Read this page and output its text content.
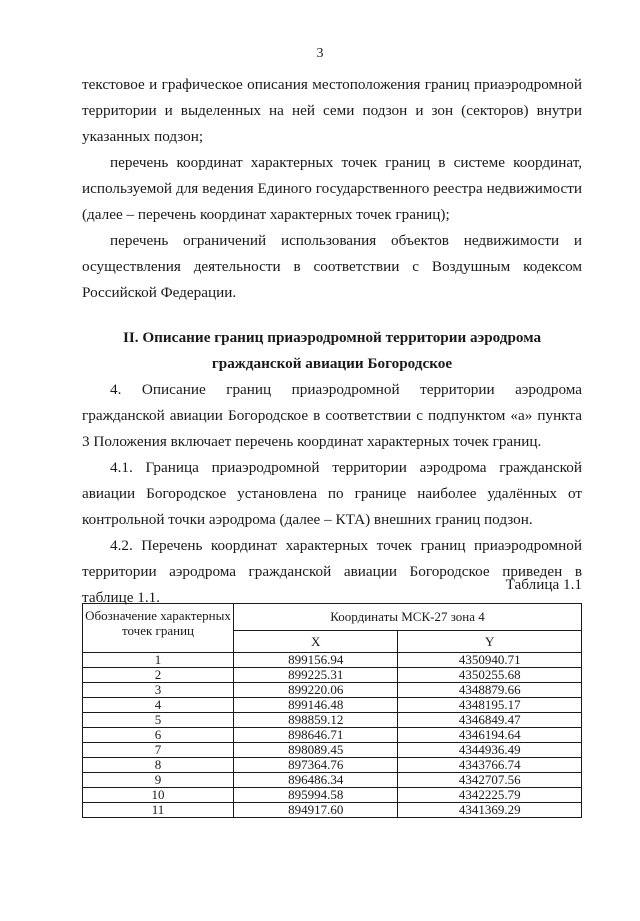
3
текстовое и графическое описания местоположения границ приаэродромной территории и выделенных на ней семи подзон и зон (секторов) внутри указанных подзон;
перечень координат характерных точек границ в системе координат, используемой для ведения Единого государственного реестра недвижимости (далее – перечень координат характерных точек границ);
перечень ограничений использования объектов недвижимости и осуществления деятельности в соответствии с Воздушным кодексом Российской Федерации.
II. Описание границ приаэродромной территории аэродрома
гражданской авиации Богородское
4. Описание границ приаэродромной территории аэродрома гражданской авиации Богородское в соответствии с подпунктом «а» пункта 3 Положения включает перечень координат характерных точек границ.
4.1. Граница приаэродромной территории аэродрома гражданской авиации Богородское установлена по границе наиболее удалённых от контрольной точки аэродрома (далее – КТА) внешних границ подзон.
4.2. Перечень координат характерных точек границ приаэродромной территории аэродрома гражданской авиации Богородское приведен в таблице 1.1.
Таблица 1.1
Обозначение характерных точек границ	Координаты МСК-27 зона 4	
	X	Y
1	899156.94	4350940.71
2	899225.31	4350255.68
3	899220.06	4348879.66
4	899146.48	4348195.17
5	898859.12	4346849.47
6	898646.71	4346194.64
7	898089.45	4344936.49
8	897364.76	4343766.74
9	896486.34	4342707.56
10	895994.58	4342225.79
11	894917.60	4341369.29
